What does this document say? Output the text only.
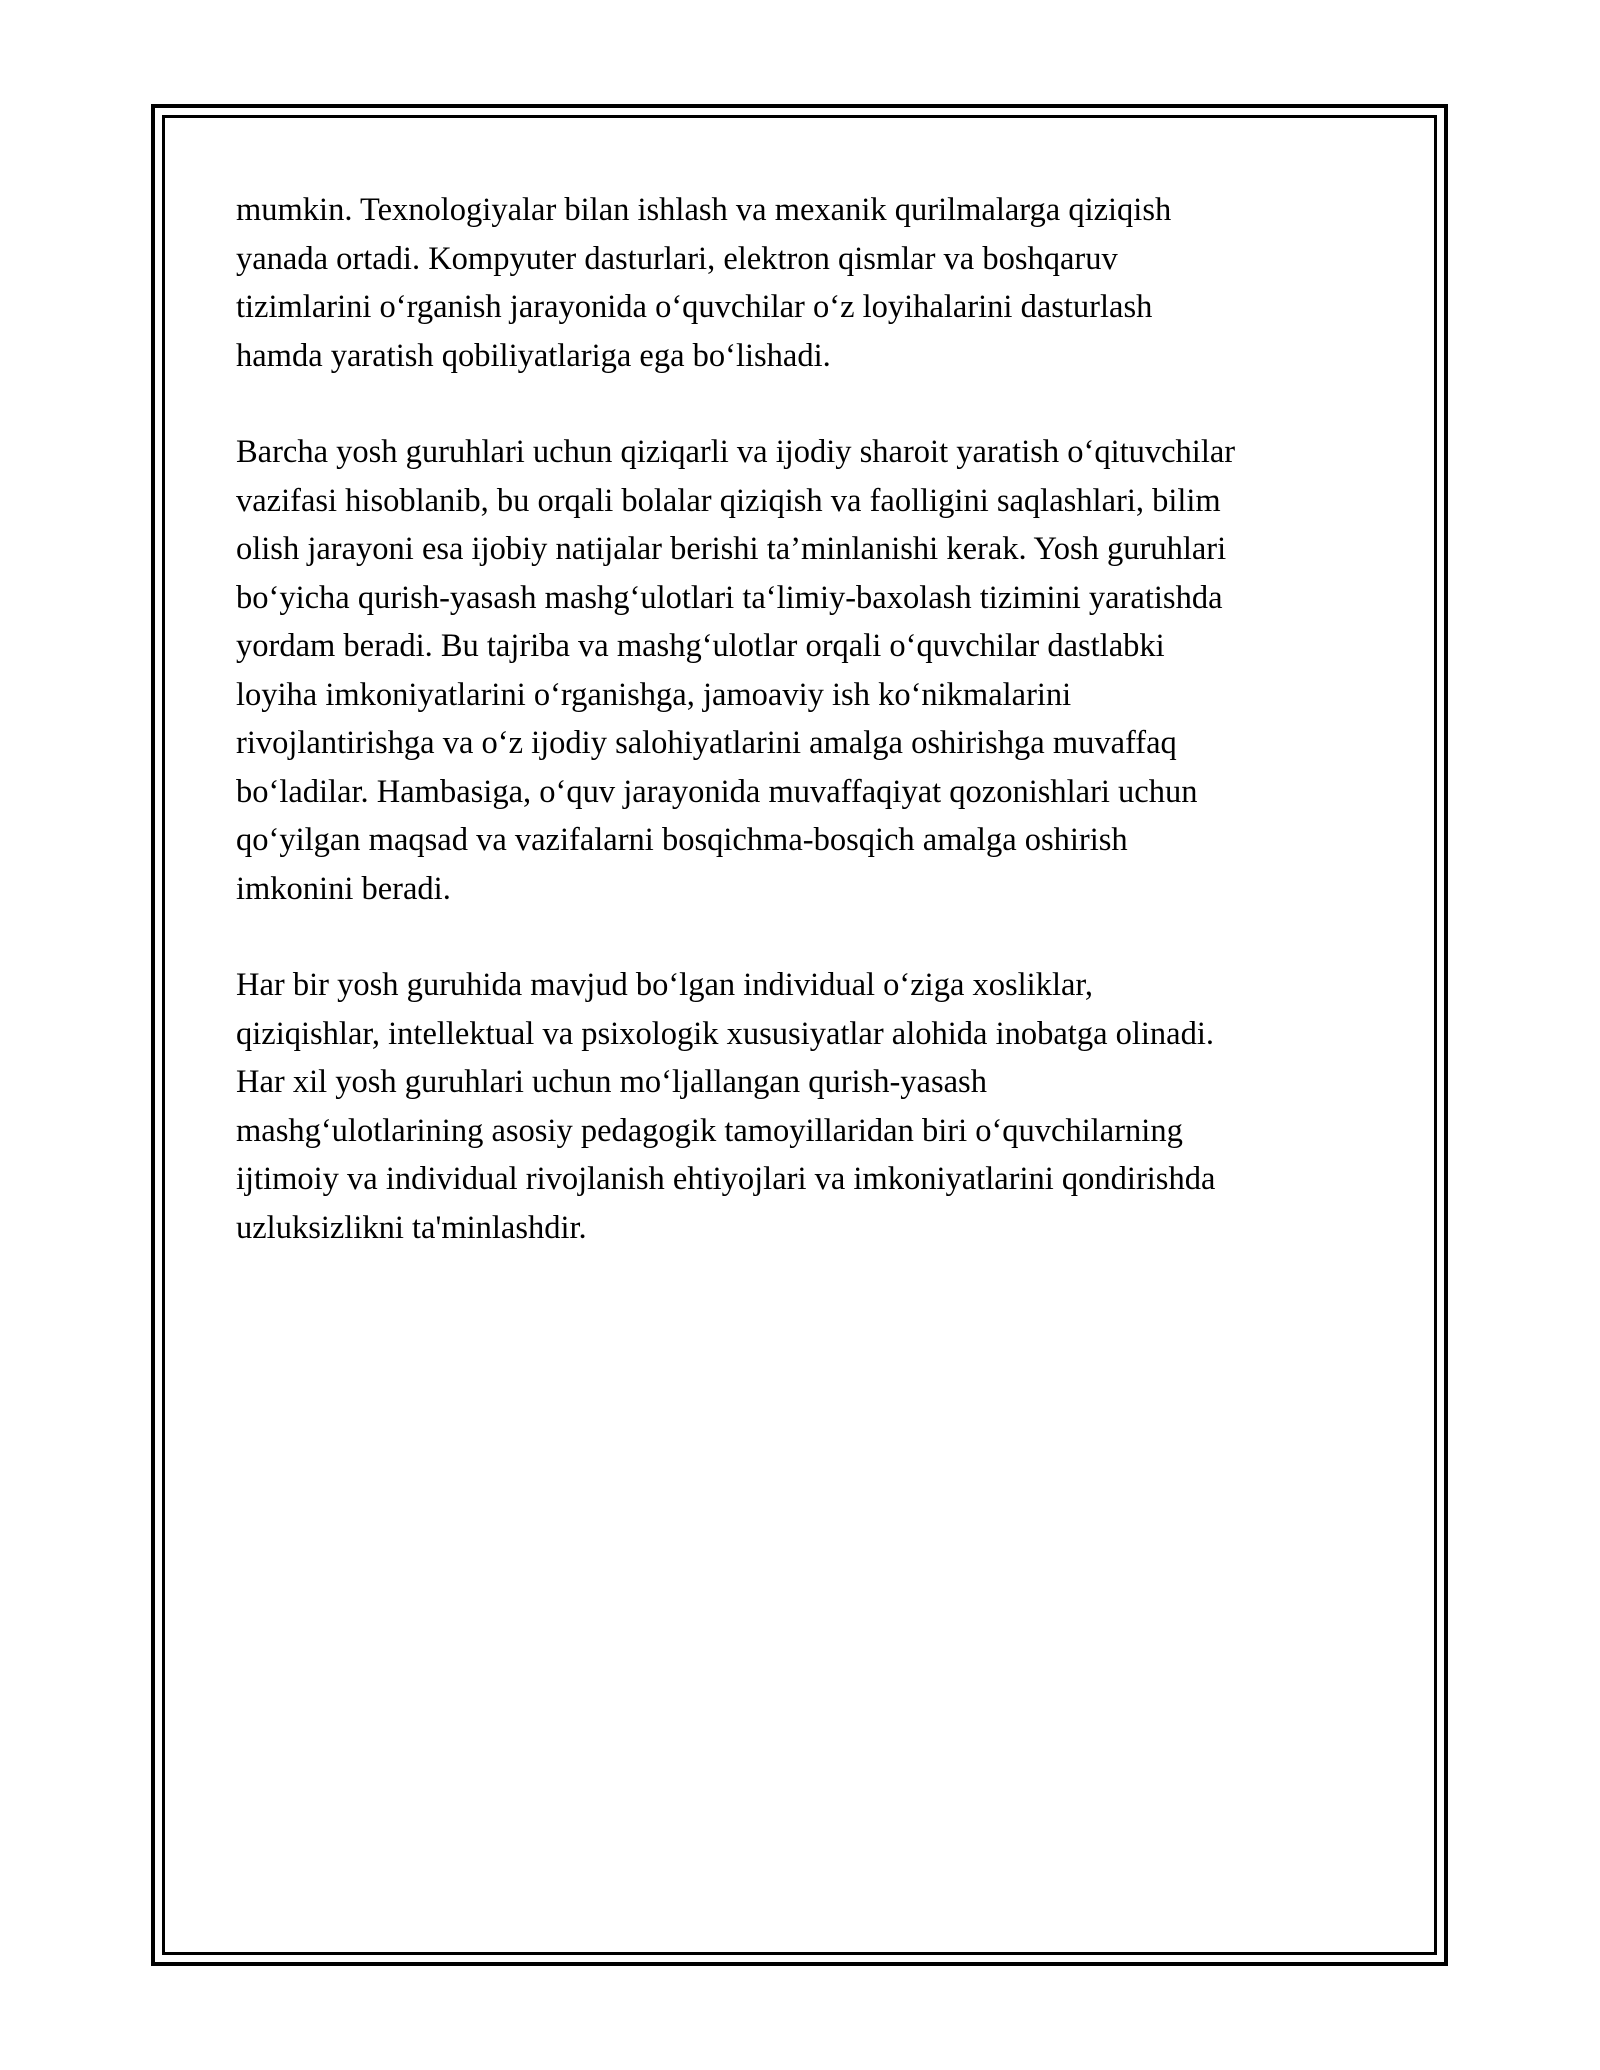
mumkin. Texnologiyalar bilan ishlash va mexanik qurilmalarga qiziqish
yanada ortadi. Kompyuter dasturlari, elektron qismlar va boshqaruv
tizimlarini o‘rganish jarayonida o‘quvchilar o‘z loyihalarini dasturlash
hamda yaratish qobiliyatlariga ega bo‘lishadi.

Barcha yosh guruhlari uchun qiziqarli va ijodiy sharoit yaratish o‘qituvchilar
vazifasi hisoblanib, bu orqali bolalar qiziqish va faolligini saqlashlari, bilim
olish jarayoni esa ijobiy natijalar berishi ta’minlanishi kerak. Yosh guruhlari
bo‘yicha qurish-yasash mashg‘ulotlari ta‘limiy-baxolash tizimini yaratishda
yordam beradi. Bu tajriba va mashg‘ulotlar orqali o‘quvchilar dastlabki
loyiha imkoniyatlarini o‘rganishga, jamoaviy ish ko‘nikmalarini
rivojlantirishga va o‘z ijodiy salohiyatlarini amalga oshirishga muvaffaq
bo‘ladilar. Hambasiga, o‘quv jarayonida muvaffaqiyat qozonishlari uchun
qo‘yilgan maqsad va vazifalarni bosqichma-bosqich amalga oshirish
imkonini beradi.

Har bir yosh guruhida mavjud bo‘lgan individual o‘ziga xosliklar,
qiziqishlar, intellektual va psixologik xususiyatlar alohida inobatga olinadi.
Har xil yosh guruhlari uchun mo‘ljallangan qurish-yasash
mashg‘ulotlarining asosiy pedagogik tamoyillaridan biri o‘quvchilarning
ijtimoiy va individual rivojlanish ehtiyojlari va imkoniyatlarini qondirishda
uzluksizlikni ta'minlashdir.
